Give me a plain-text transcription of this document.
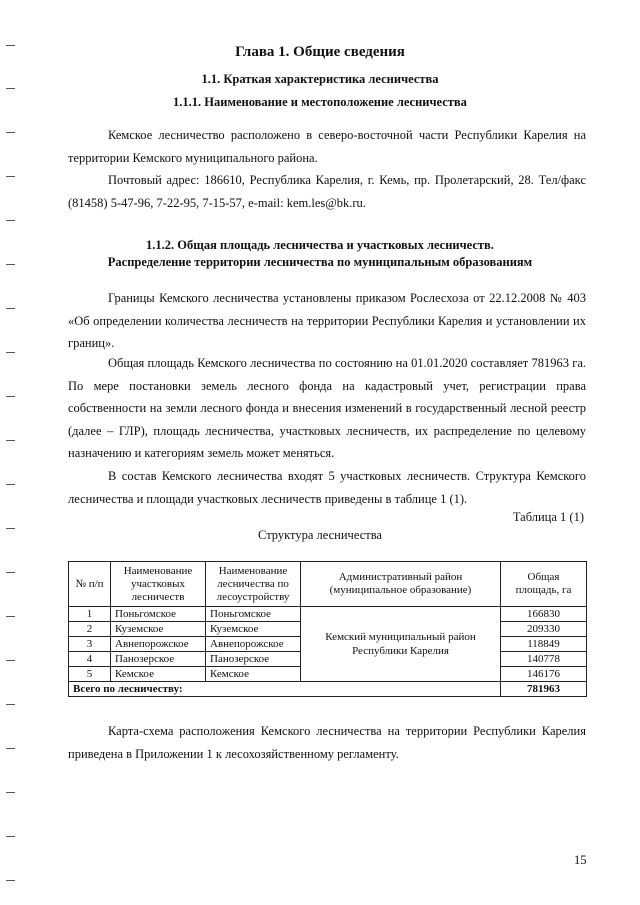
Глава 1. Общие сведения
1.1. Краткая характеристика лесничества
1.1.1. Наименование и местоположение лесничества

Кемское лесничество расположено в северо-восточной части Республики Карелия на территории Кемского муниципального района.

Почтовый адрес: 186610, Республика Карелия, г. Кемь, пр. Пролетарский, 28. Тел/факс (81458) 5-47-96, 7-22-95, 7-15-57, e-mail: kem.les@bk.ru.

1.1.2. Общая площадь лесничества и участковых лесничеств.
Распределение территории лесничества по муниципальным образованиям

Границы Кемского лесничества установлены приказом Рослесхоза от 22.12.2008 № 403 «Об определении количества лесничеств на территории Республики Карелия и установлении их границ».

Общая площадь Кемского лесничества по состоянию на 01.01.2020 составляет 781963 га. По мере постановки земель лесного фонда на кадастровый учет, регистрации права собственности на земли лесного фонда и внесения изменений в государственный лесной реестр (далее – ГЛР), площадь лесничества, участковых лесничеств, их распределение по целевому назначению и категориям земель может меняться.

В состав Кемского лесничества входят 5 участковых лесничеств. Структура Кемского лесничества и площади участковых лесничеств приведены в таблице 1 (1).

Таблица 1 (1)
Структура лесничества
№ п/п	Наименование участковых лесничеств	Наименование лесничества по лесоустройству	Административный район (муниципальное образование)	Общая площадь, га
1	Поньгомское	Поньгомское	Кемский муниципальный район Республики Карелия	166830
2	Куземское	Куземское		209330
3	Авнепорожское	Авнепорожское		118849
4	Панозерское	Панозерское		140778
5	Кемское	Кемское		146176
Всего по лесничеству:				781963

Карта-схема расположения Кемского лесничества на территории Республики Карелия приведена в Приложении 1 к лесохозяйственному регламенту.

15
